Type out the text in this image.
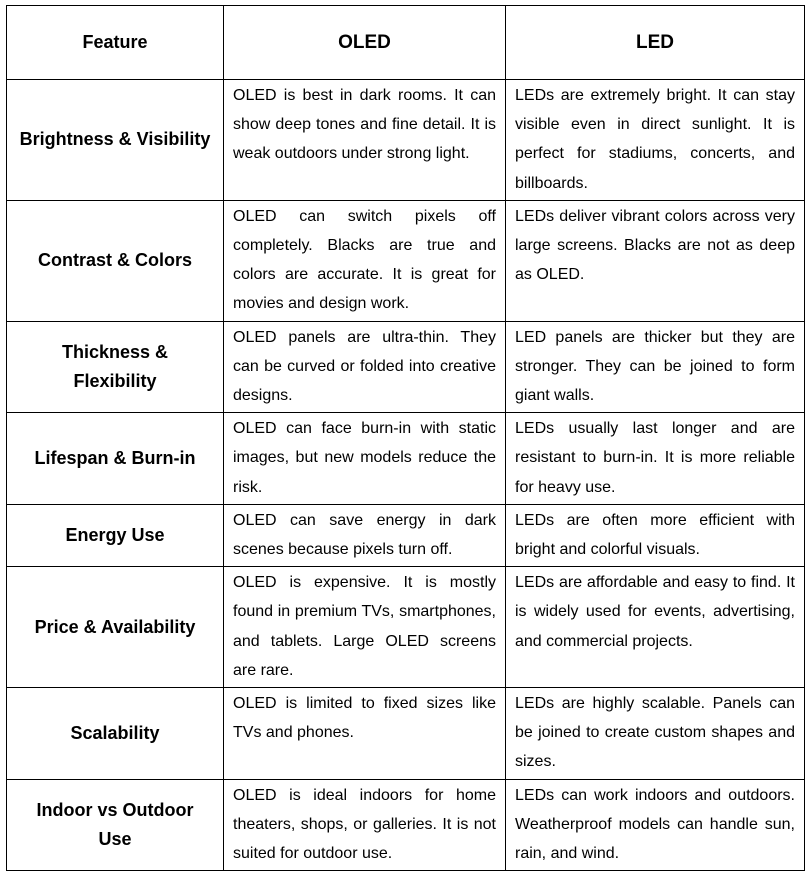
Feature	OLED	LED
Brightness & Visibility	OLED is best in dark rooms. It can show deep tones and fine detail. It is weak outdoors under strong light.	LEDs are extremely bright. It can stay visible even in direct sunlight. It is perfect for stadiums, concerts, and billboards.
Contrast & Colors	OLED can switch pixels off completely. Blacks are true and colors are accurate. It is great for movies and design work.	LEDs deliver vibrant colors across very large screens. Blacks are not as deep as OLED.
Thickness & Flexibility	OLED panels are ultra-thin. They can be curved or folded into creative designs.	LED panels are thicker but they are stronger. They can be joined to form giant walls.
Lifespan & Burn-in	OLED can face burn-in with static images, but new models reduce the risk.	LEDs usually last longer and are resistant to burn-in. It is more reliable for heavy use.
Energy Use	OLED can save energy in dark scenes because pixels turn off.	LEDs are often more efficient with bright and colorful visuals.
Price & Availability	OLED is expensive. It is mostly found in premium TVs, smartphones, and tablets. Large OLED screens are rare.	LEDs are affordable and easy to find. It is widely used for events, advertising, and commercial projects.
Scalability	OLED is limited to fixed sizes like TVs and phones.	LEDs are highly scalable. Panels can be joined to create custom shapes and sizes.
Indoor vs Outdoor Use	OLED is ideal indoors for home theaters, shops, or galleries. It is not suited for outdoor use.	LEDs can work indoors and outdoors. Weatherproof models can handle sun, rain, and wind.
